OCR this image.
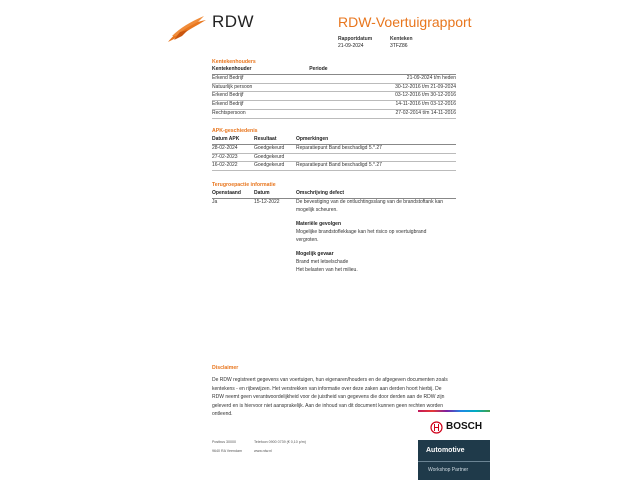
RDW	RDW-Voertuigrapport
Rapportdatum
21-09-2024
Kenteken
3TFZ86
Kentekenhouders
Kentekenhouder	Periode
Erkend Bedrijf	21-09-2024 t/m heden
Natuurlijk persoon	30-12-2016 t/m 21-09-2024
Erkend Bedrijf	03-12-2016 t/m 30-12-2016
Erkend Bedrijf	14-11-2016 t/m 03-12-2016
Rechtspersoon	27-02-2014 t/m 14-11-2016
APK-geschiedenis
Datum APK	Resultaat	Opmerkingen
28-02-2024	Goedgekeurd	Reparatiepunt Band beschadigd 5.*.27
27-02-2023	Goedgekeurd	
16-02-2022	Goedgekeurd	Reparatiepunt Band beschadigd 5.*.27
Terugroepactie informatie
Openstaand	Datum	Omschrijving defect
Ja	15-12-2022	De bevestiging van de ontluchtingsslang van de brandstoftank kan
mogelijk scheuren.
Materiële gevolgen
Mogelijke brandstoflekkage kan het risico op voertuigbrand
vergroten.
Mogelijk gevaar
Brand met letselschade
Het belasten van het milieu.
Disclaimer
De RDW registreert gegevens van voertuigen, hun eigenaren/houders en de afgegeven documenten zoals
kentekens - en rijbewijzen. Het verstrekken van informatie over deze zaken aan derden hoort hierbij. De
RDW neemt geen verantwoordelijkheid voor de juistheid van gegevens die door derden aan de RDW zijn
geleverd en is hiervoor niet aansprakelijk. Aan de inhoud van dit document kunnen geen rechten worden
ontleend.
Postbus 30000
9640 RA Veendam
Telefoon 0900 0739 (€ 0,10 p/m)
www.rdw.nl
BOSCH
Automotive
Workshop Partner
